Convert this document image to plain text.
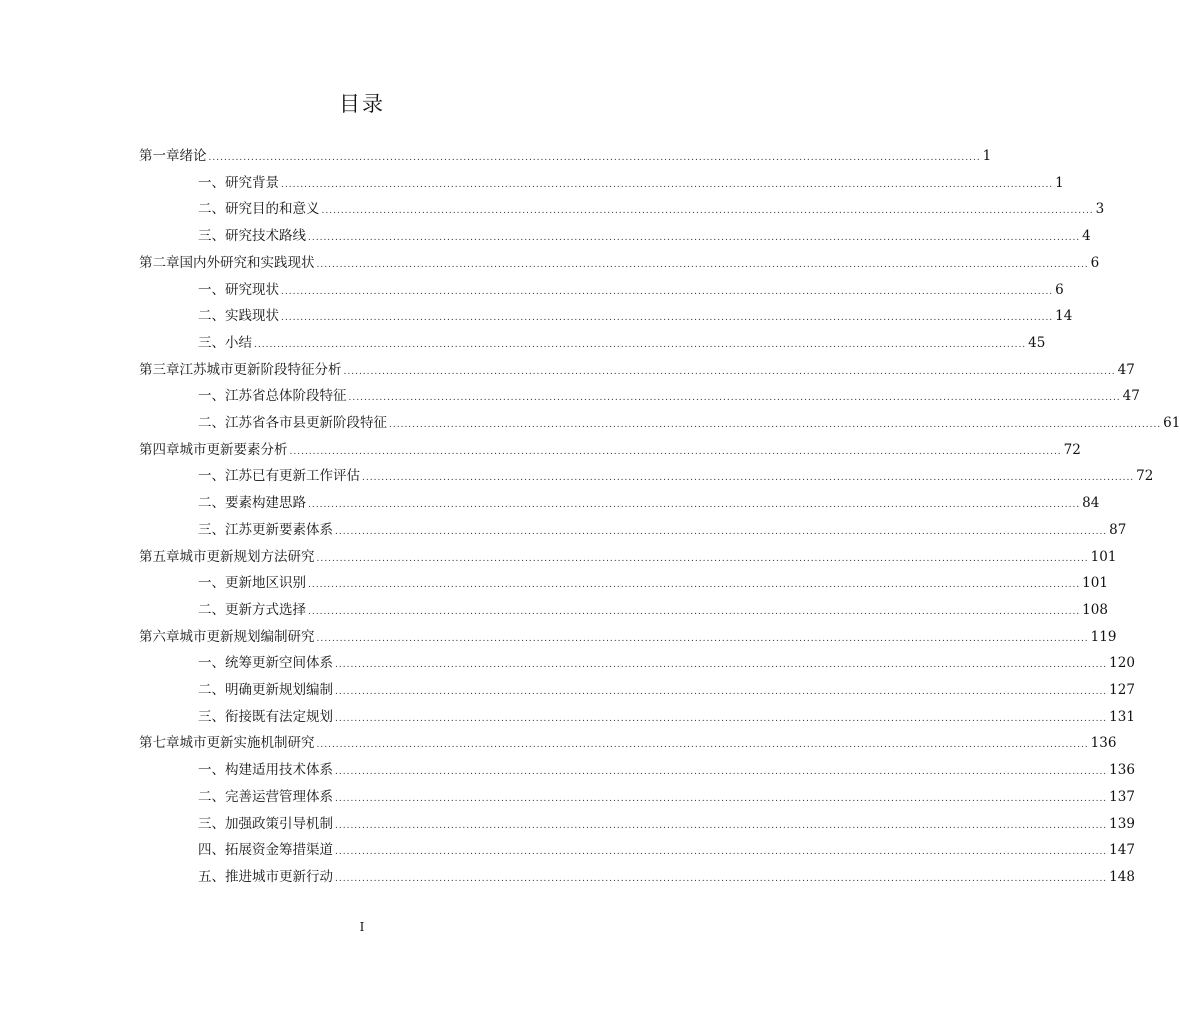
目录
第一章 绪论 ........................................................................................................................................................................................................ 1
一、 研究背景 ........................................................................................................................................................................................................ 1
二、 研究目的和意义 ........................................................................................................................................................................................................ 3
三、 研究技术路线 ........................................................................................................................................................................................................ 4
第二章 国内外研究和实践现状 ........................................................................................................................................................................................................ 6
一、 研究现状 ........................................................................................................................................................................................................ 6
二、 实践现状 ........................................................................................................................................................................................................ 14
三、 小结 ........................................................................................................................................................................................................ 45
第三章 江苏城市更新阶段特征分析 ........................................................................................................................................................................................................ 47
一、 江苏省总体阶段特征 ........................................................................................................................................................................................................ 47
二、 江苏省各市县更新阶段特征 ........................................................................................................................................................................................................ 61
第四章 城市更新要素分析 ........................................................................................................................................................................................................ 72
一、 江苏已有更新工作评估 ........................................................................................................................................................................................................ 72
二、 要素构建思路 ........................................................................................................................................................................................................ 84
三、 江苏更新要素体系 ........................................................................................................................................................................................................ 87
第五章 城市更新规划方法研究 ........................................................................................................................................................................................................ 101
一、 更新地区识别 ........................................................................................................................................................................................................ 101
二、 更新方式选择 ........................................................................................................................................................................................................ 108
第六章 城市更新规划编制研究 ........................................................................................................................................................................................................ 119
一、 统筹更新空间体系 ........................................................................................................................................................................................................ 120
二、 明确更新规划编制 ........................................................................................................................................................................................................ 127
三、 衔接既有法定规划 ........................................................................................................................................................................................................ 131
第七章 城市更新实施机制研究 ........................................................................................................................................................................................................ 136
一、 构建适用技术体系 ........................................................................................................................................................................................................ 136
二、 完善运营管理体系 ........................................................................................................................................................................................................ 137
三、 加强政策引导机制 ........................................................................................................................................................................................................ 139
四、 拓展资金筹措渠道 ........................................................................................................................................................................................................ 147
五、 推进城市更新行动 ........................................................................................................................................................................................................ 148
I
